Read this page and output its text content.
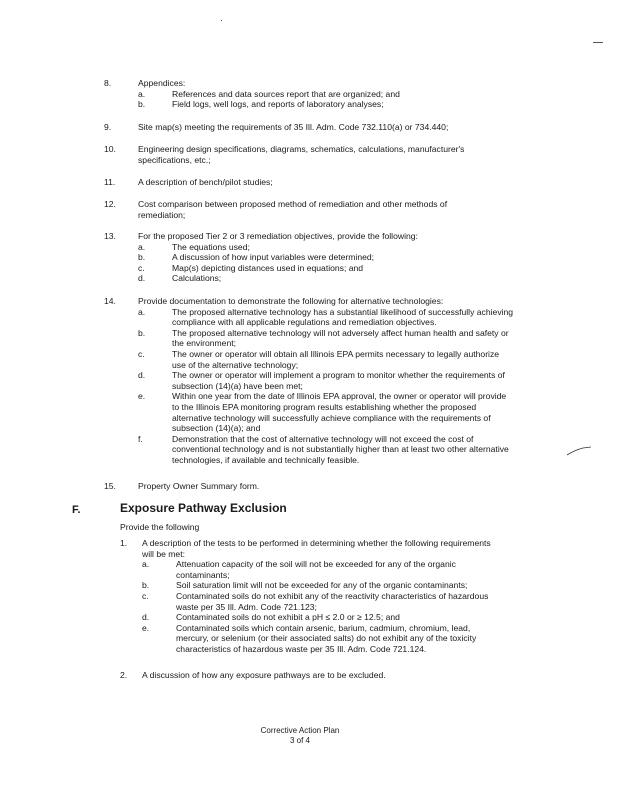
8.	Appendices:
a.	References and data sources report that are organized; and
b.	Field logs, well logs, and reports of laboratory analyses;
9.	Site map(s) meeting the requirements of 35 Ill. Adm. Code 732.110(a) or 734.440;
10.	Engineering design specifications, diagrams, schematics, calculations, manufacturer's specifications, etc.;
11.	A description of bench/pilot studies;
12.	Cost comparison between proposed method of remediation and other methods of remediation;
13.	For the proposed Tier 2 or 3 remediation objectives, provide the following:
a.	The equations used;
b.	A discussion of how input variables were determined;
c.	Map(s) depicting distances used in equations; and
d.	Calculations;
14.	Provide documentation to demonstrate the following for alternative technologies:
a.	The proposed alternative technology has a substantial likelihood of successfully achieving compliance with all applicable regulations and remediation objectives.
b.	The proposed alternative technology will not adversely affect human health and safety or the environment;
c.	The owner or operator will obtain all Illinois EPA permits necessary to legally authorize use of the alternative technology;
d.	The owner or operator will implement a program to monitor whether the requirements of subsection (14)(a) have been met;
e.	Within one year from the date of Illinois EPA approval, the owner or operator will provide to the Illinois EPA monitoring program results establishing whether the proposed alternative technology will successfully achieve compliance with the requirements of subsection (14)(a); and
f.	Demonstration that the cost of alternative technology will not exceed the cost of conventional technology and is not substantially higher than at least two other alternative technologies, if available and technically feasible.
15.	Property Owner Summary form.
F.	Exposure Pathway Exclusion
Provide the following
1. A description of the tests to be performed in determining whether the following requirements will be met:
a.	Attenuation capacity of the soil will not be exceeded for any of the organic contaminants;
b.	Soil saturation limit will not be exceeded for any of the organic contaminants;
c.	Contaminated soils do not exhibit any of the reactivity characteristics of hazardous waste per 35 Ill. Adm. Code 721.123;
d.	Contaminated soils do not exhibit a pH ≤ 2.0 or ≥ 12.5; and
e.	Contaminated soils which contain arsenic, barium, cadmium, chromium, lead, mercury, or selenium (or their associated salts) do not exhibit any of the toxicity characteristics of hazardous waste per 35 Ill. Adm. Code 721.124.
2. A discussion of how any exposure pathways are to be excluded.
Corrective Action Plan
3 of 4
